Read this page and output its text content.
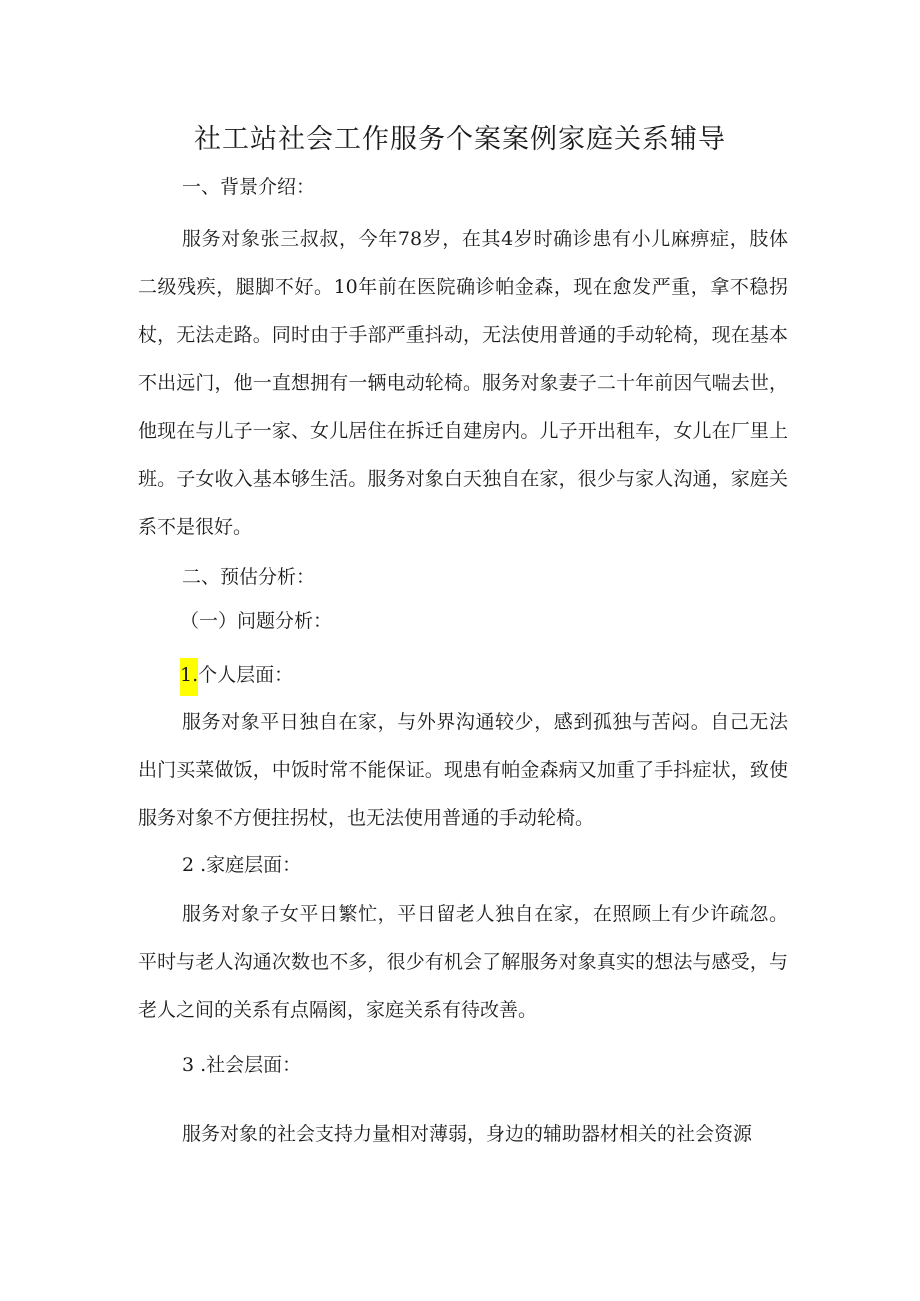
社工站社会工作服务个案案例家庭关系辅导

一、背景介绍：

服务对象张三叔叔，今年78岁，在其4岁时确诊患有小儿麻痹症，肢体二级残疾，腿脚不好。10年前在医院确诊帕金森，现在愈发严重，拿不稳拐杖，无法走路。同时由于手部严重抖动，无法使用普通的手动轮椅，现在基本不出远门，他一直想拥有一辆电动轮椅。服务对象妻子二十年前因气喘去世，他现在与儿子一家、女儿居住在拆迁自建房内。儿子开出租车，女儿在厂里上班。子女收入基本够生活。服务对象白天独自在家，很少与家人沟通，家庭关系不是很好。

二、预估分析：

（一）问题分析：

1.个人层面：

服务对象平日独自在家，与外界沟通较少，感到孤独与苦闷。自己无法出门买菜做饭，中饭时常不能保证。现患有帕金森病又加重了手抖症状，致使服务对象不方便拄拐杖，也无法使用普通的手动轮椅。

2 .家庭层面：

服务对象子女平日繁忙，平日留老人独自在家，在照顾上有少许疏忽。平时与老人沟通次数也不多，很少有机会了解服务对象真实的想法与感受，与老人之间的关系有点隔阂，家庭关系有待改善。

3 .社会层面：

服务对象的社会支持力量相对薄弱，身边的辅助器材相关的社会资源
